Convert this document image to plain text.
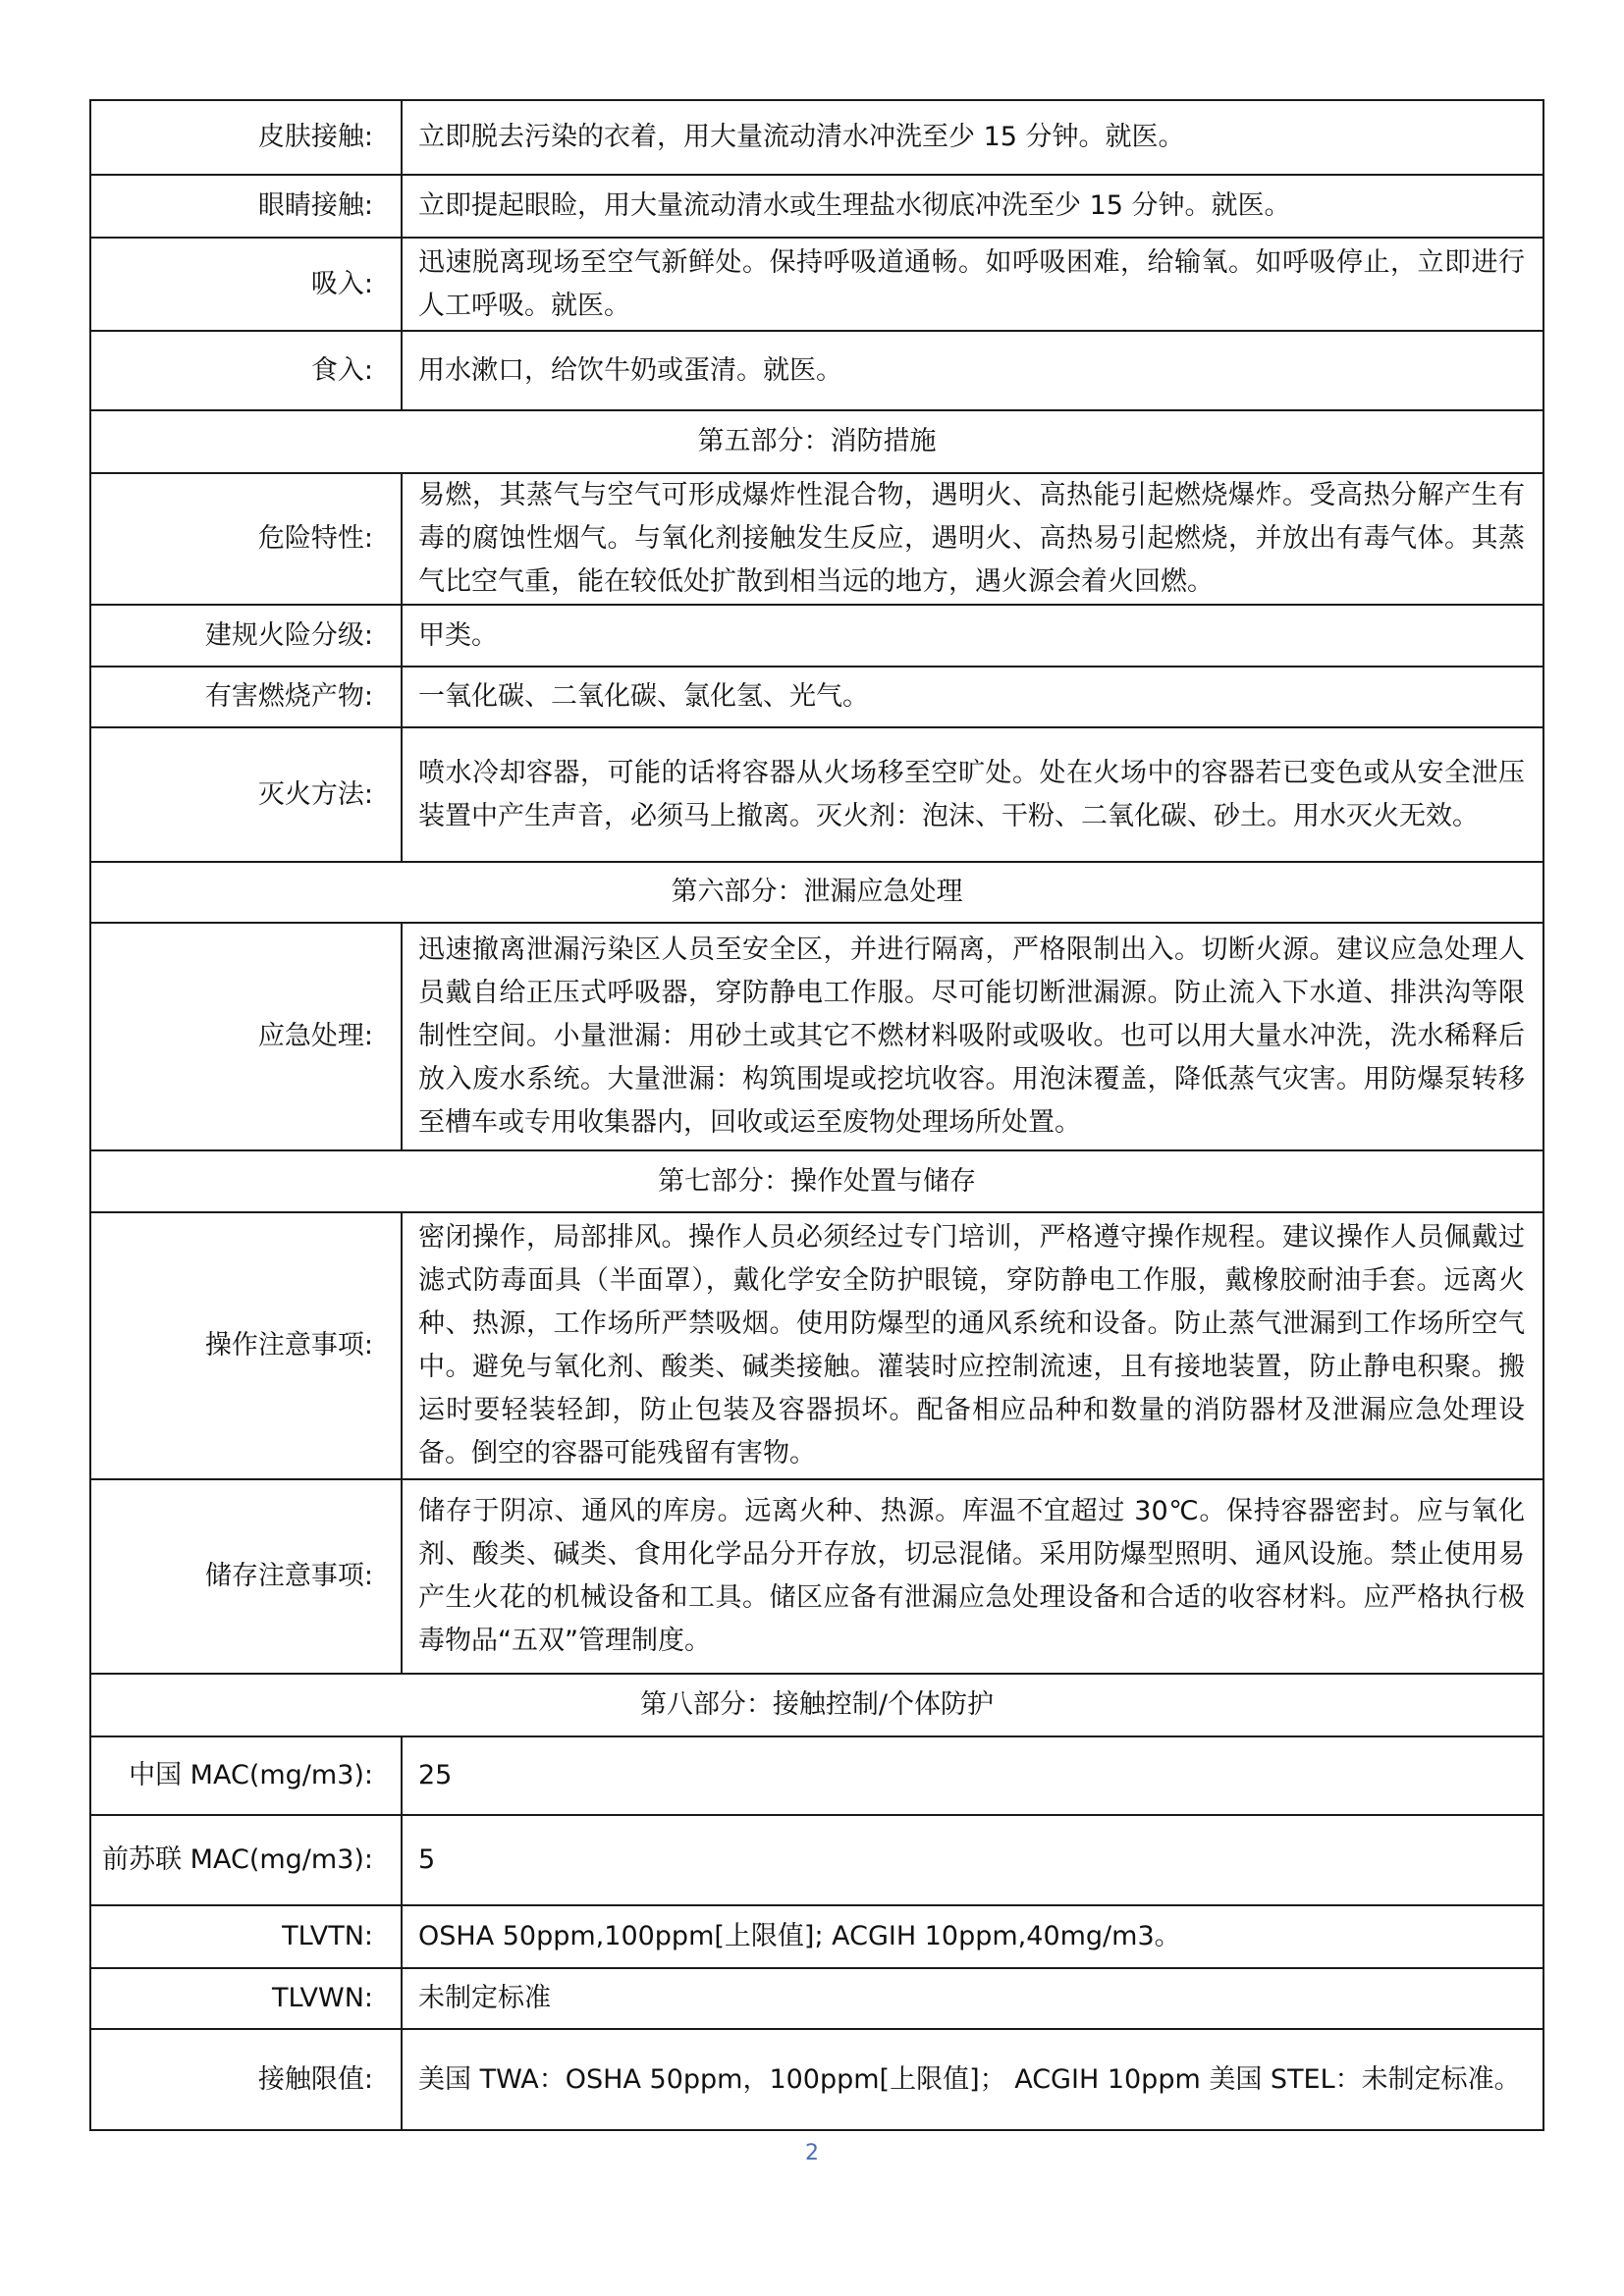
皮肤接触:	立即脱去污染的衣着，用大量流动清水冲洗至少 15 分钟。就医。
眼睛接触:	立即提起眼睑，用大量流动清水或生理盐水彻底冲洗至少 15 分钟。就医。
吸入:	迅速脱离现场至空气新鲜处。保持呼吸道通畅。如呼吸困难，给输氧。如呼吸停止，立即进行人工呼吸。就医。
食入:	用水漱口，给饮牛奶或蛋清。就医。
第五部分：消防措施	
危险特性:	易燃，其蒸气与空气可形成爆炸性混合物，遇明火、高热能引起燃烧爆炸。受高热分解产生有毒的腐蚀性烟气。与氧化剂接触发生反应，遇明火、高热易引起燃烧，并放出有毒气体。其蒸气比空气重，能在较低处扩散到相当远的地方，遇火源会着火回燃。
建规火险分级:	甲类。
有害燃烧产物:	一氧化碳、二氧化碳、氯化氢、光气。
灭火方法:	喷水冷却容器，可能的话将容器从火场移至空旷处。处在火场中的容器若已变色或从安全泄压装置中产生声音，必须马上撤离。灭火剂：泡沫、干粉、二氧化碳、砂土。用水灭火无效。
第六部分：泄漏应急处理	
应急处理:	迅速撤离泄漏污染区人员至安全区，并进行隔离，严格限制出入。切断火源。建议应急处理人员戴自给正压式呼吸器，穿防静电工作服。尽可能切断泄漏源。防止流入下水道、排洪沟等限制性空间。小量泄漏：用砂土或其它不燃材料吸附或吸收。也可以用大量水冲洗，洗水稀释后放入废水系统。大量泄漏：构筑围堤或挖坑收容。用泡沫覆盖，降低蒸气灾害。用防爆泵转移至槽车或专用收集器内，回收或运至废物处理场所处置。
第七部分：操作处置与储存	
操作注意事项:	密闭操作，局部排风。操作人员必须经过专门培训，严格遵守操作规程。建议操作人员佩戴过滤式防毒面具（半面罩），戴化学安全防护眼镜，穿防静电工作服，戴橡胶耐油手套。远离火种、热源，工作场所严禁吸烟。使用防爆型的通风系统和设备。防止蒸气泄漏到工作场所空气中。避免与氧化剂、酸类、碱类接触。灌装时应控制流速，且有接地装置，防止静电积聚。搬运时要轻装轻卸，防止包装及容器损坏。配备相应品种和数量的消防器材及泄漏应急处理设备。倒空的容器可能残留有害物。
储存注意事项:	储存于阴凉、通风的库房。远离火种、热源。库温不宜超过 30℃。保持容器密封。应与氧化剂、酸类、碱类、食用化学品分开存放，切忌混储。采用防爆型照明、通风设施。禁止使用易产生火花的机械设备和工具。储区应备有泄漏应急处理设备和合适的收容材料。应严格执行极毒物品“五双”管理制度。
第八部分：接触控制/个体防护	
中国 MAC(mg/m3):	25
前苏联 MAC(mg/m3):	5
TLVTN:	OSHA 50ppm,100ppm[上限值]; ACGIH 10ppm,40mg/m3。
TLVWN:	未制定标准
接触限值:	美国 TWA：OSHA 50ppm，100ppm[上限值]； ACGIH 10ppm 美国 STEL：未制定标准。
2
